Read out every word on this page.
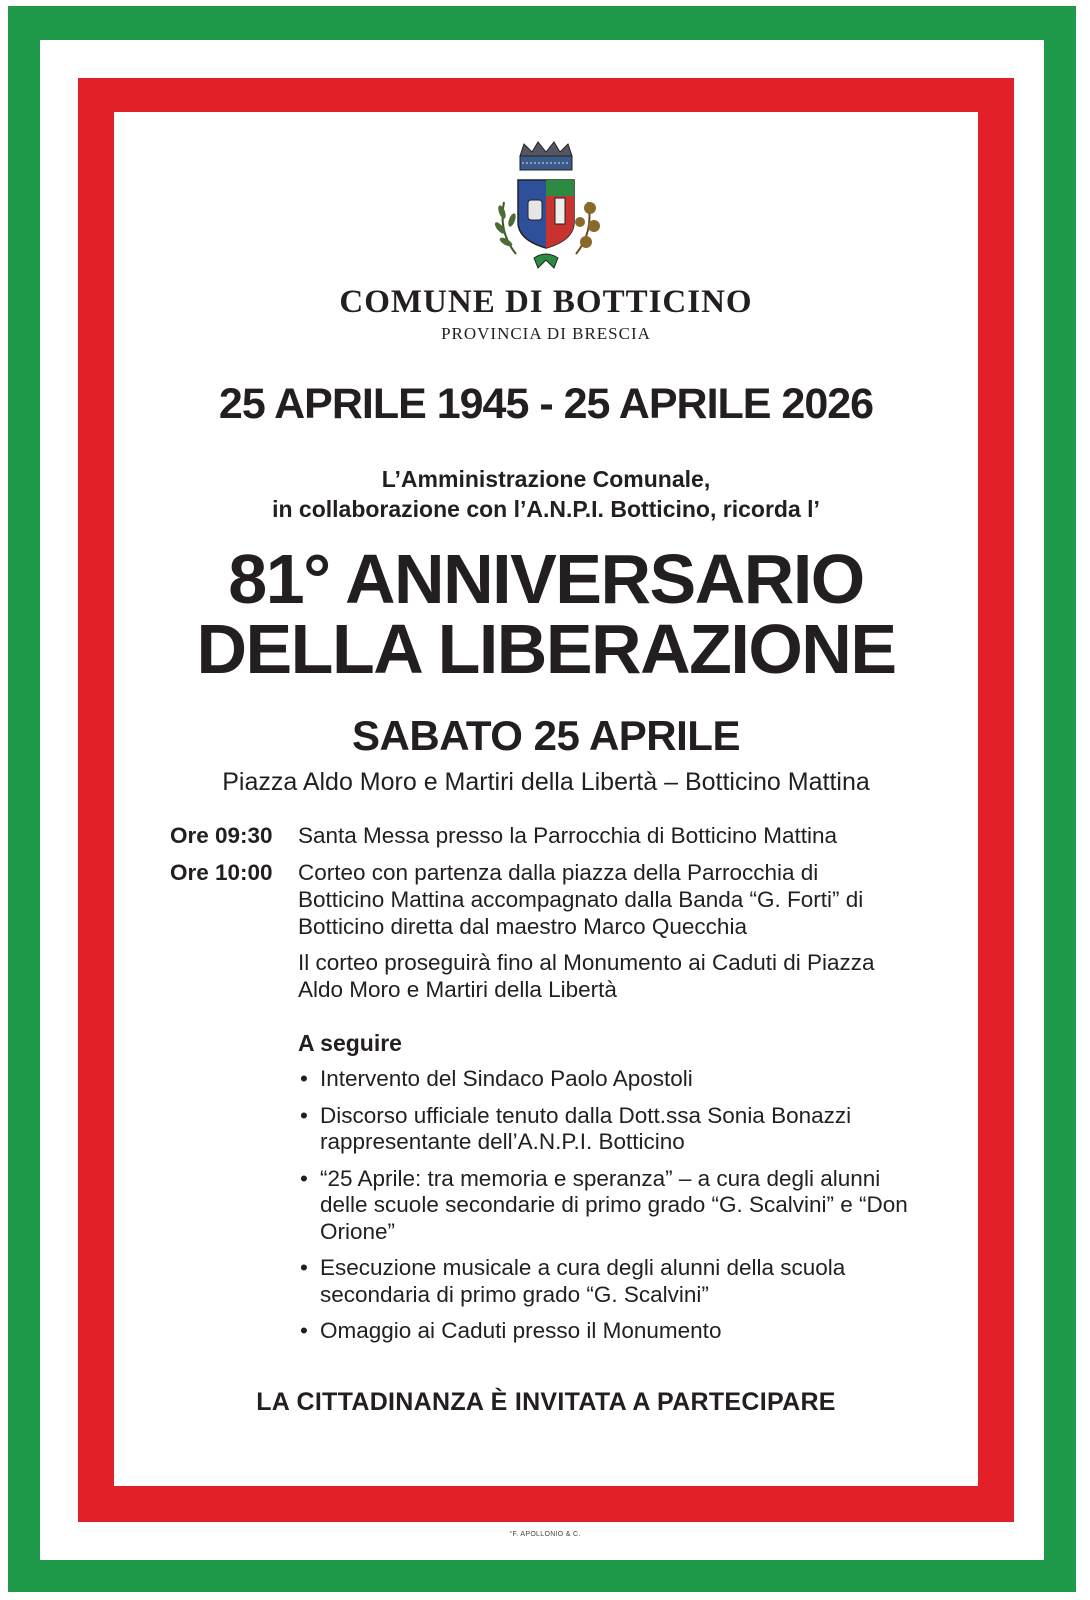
COMUNE DI BOTTICINO
PROVINCIA DI BRESCIA
25 APRILE 1945 - 25 APRILE 2026
L’Amministrazione Comunale,
in collaborazione con l’A.N.P.I. Botticino, ricorda l’
81° ANNIVERSARIO
DELLA LIBERAZIONE
SABATO 25 APRILE
Piazza Aldo Moro e Martiri della Libertà – Botticino Mattina
Ore 09:30 Santa Messa presso la Parrocchia di Botticino Mattina
Ore 10:00 Corteo con partenza dalla piazza della Parrocchia di Botticino Mattina accompagnato dalla Banda “G. Forti” di Botticino diretta dal maestro Marco Quecchia
Il corteo proseguirà fino al Monumento ai Caduti di Piazza Aldo Moro e Martiri della Libertà
A seguire
• Intervento del Sindaco Paolo Apostoli
• Discorso ufficiale tenuto dalla Dott.ssa Sonia Bonazzi rappresentante dell’A.N.P.I. Botticino
• “25 Aprile: tra memoria e speranza” – a cura degli alunni delle scuole secondarie di primo grado “G. Scalvini” e “Don Orione”
• Esecuzione musicale a cura degli alunni della scuola secondaria di primo grado “G. Scalvini”
• Omaggio ai Caduti presso il Monumento
LA CITTADINANZA È INVITATA A PARTECIPARE
°F. APOLLONIO & C.
